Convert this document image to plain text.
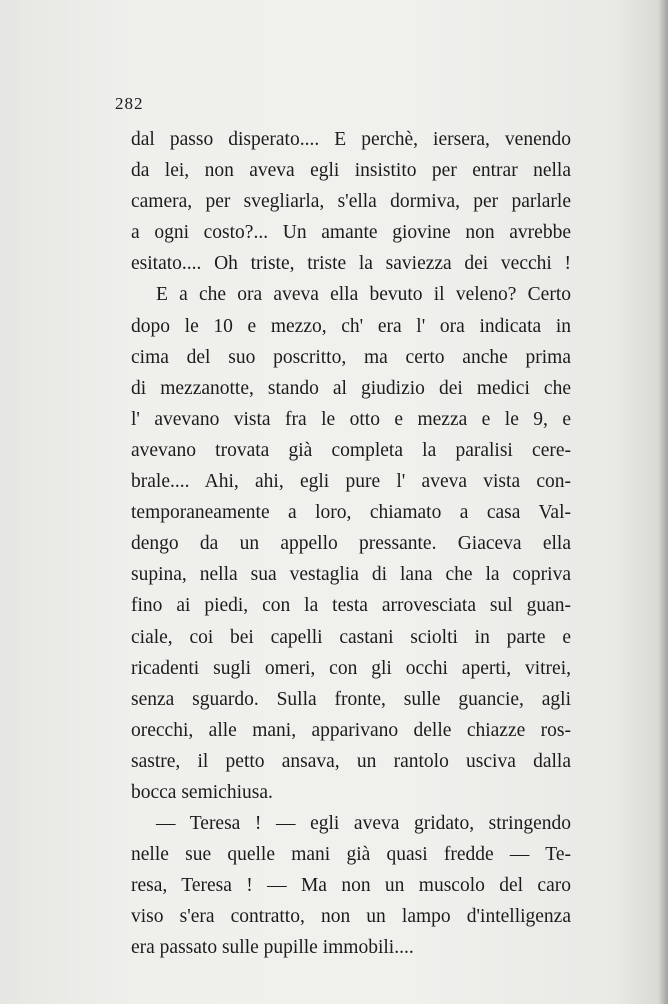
282
dal passo disperato.... E perchè, iersera, venendo
da lei, non aveva egli insistito per entrar nella
camera, per svegliarla, s'ella dormiva, per parlarle
a ogni costo?... Un amante giovine non avrebbe
esitato.... Oh triste, triste la saviezza dei vecchi !
E a che ora aveva ella bevuto il veleno? Certo
dopo le 10 e mezzo, ch' era l' ora indicata in
cima del suo poscritto, ma certo anche prima
di mezzanotte, stando al giudizio dei medici che
l' avevano vista fra le otto e mezza e le 9, e
avevano trovata già completa la paralisi cere-
brale.... Ahi, ahi, egli pure l' aveva vista con-
temporaneamente a loro, chiamato a casa Val-
dengo da un appello pressante. Giaceva ella
supina, nella sua vestaglia di lana che la copriva
fino ai piedi, con la testa arrovesciata sul guan-
ciale, coi bei capelli castani sciolti in parte e
ricadenti sugli omeri, con gli occhi aperti, vitrei,
senza sguardo. Sulla fronte, sulle guancie, agli
orecchi, alle mani, apparivano delle chiazze ros-
sastre, il petto ansava, un rantolo usciva dalla
bocca semichiusa.
— Teresa ! — egli aveva gridato, stringendo
nelle sue quelle mani già quasi fredde — Te-
resa, Teresa ! — Ma non un muscolo del caro
viso s'era contratto, non un lampo d'intelligenza
era passato sulle pupille immobili....
